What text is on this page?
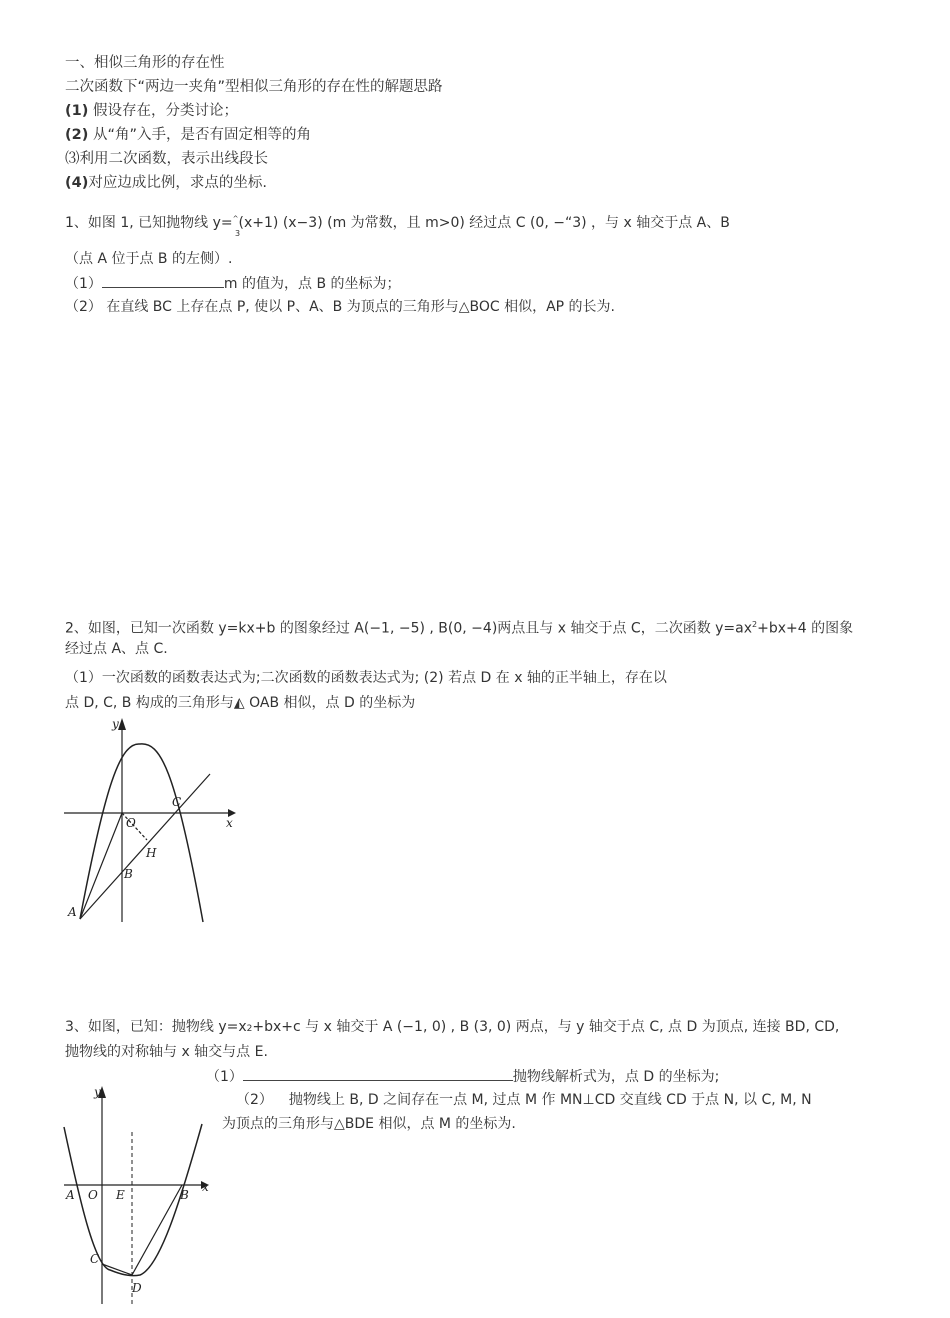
一、相似三角形的存在性
二次函数下“两边一夹角”型相似三角形的存在性的解题思路
(1) 假设存在，分类讨论；
(2) 从“角”入手，是否有固定相等的角
⑶利用二次函数，表示出线段长
(4)对应边成比例，求点的坐标.
1、如图 1, 已知抛物线 y=^(x+1) (x−3) (m 为常数，且 m>0) 经过点 C (0, −“3) ，与 x 轴交于点 A、B
3
（点 A 位于点 B 的左侧）.
（1）	m 的值为，点 B 的坐标为；
（2） 在直线 BC 上存在点 P, 使以 P、A、B 为顶点的三角形与△BOC 相似，AP 的长为.
2、如图，已知一次函数 y=kx+b 的图象经过 A(−1, −5) , B(0, −4)两点且与 x 轴交于点 C，二次函数 $y=ax^2+bx+4$ 的图象
经过点 A、点 C.
（1）一次函数的函数表达式为;二次函数的函数表达式为; (2) 若点 D 在 x 轴的正半轴上，存在以
点 D, C, B 构成的三角形与◭ OAB 相似，点 D 的坐标为
y
x
O
C
H
B
A
3、如图，已知：抛物线 y=x2+bx+c 与 x 轴交于 A (−1, 0) , B (3, 0) 两点，与 y 轴交于点 C, 点 D 为顶点, 连接 BD, CD,
抛物线的对称轴与 x 轴交与点 E.
（1）	抛物线解析式为，点 D 的坐标为;
（2） 抛物线上 B, D 之间存在一点 M, 过点 M 作 MN⊥CD 交直线 CD 于点 N, 以 C, M, N
为顶点的三角形与△BDE 相似，点 M 的坐标为.
y
x
A O E	B
C
D
